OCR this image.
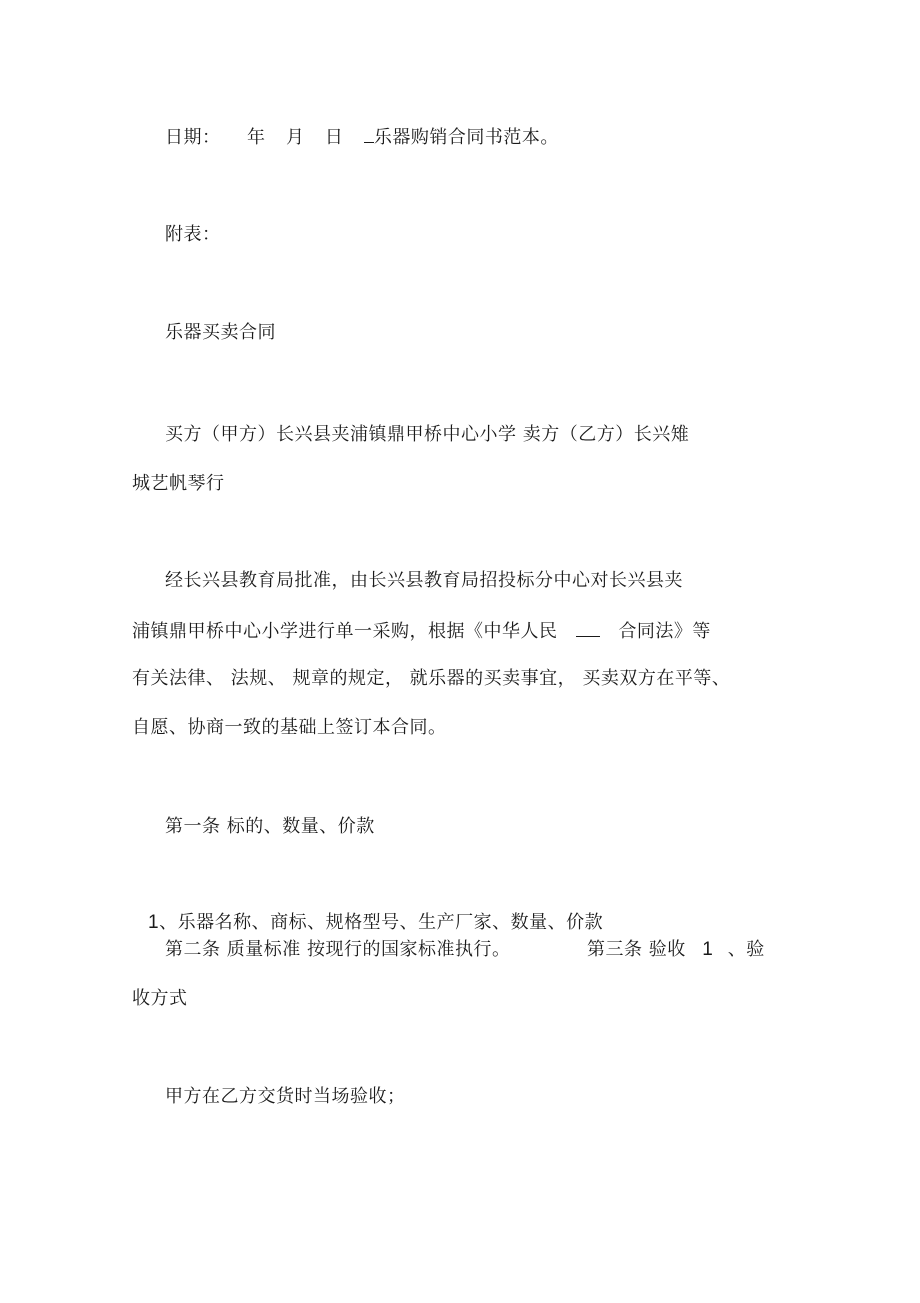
日期： 年 月 日 乐器购销合同书范本。
附表：
乐器买卖合同
买方（甲方）长兴县夹浦镇鼎甲桥中心小学 卖方（乙方）长兴雉
城艺帆琴行
经长兴县教育局批准，由长兴县教育局招投标分中心对长兴县夹
浦镇鼎甲桥中心小学进行单一采购，根据《中华人民	合同法》等
有关法律、 法规、 规章的规定， 就乐器的买卖事宜， 买卖双方在平等、
自愿、协商一致的基础上签订本合同。
第一条 标的、数量、价款
1、乐器名称、商标、规格型号、生产厂家、数量、价款
第二条 质量标准 按现行的国家标准执行。	第三条 验收 1 、验
收方式
甲方在乙方交货时当场验收；
